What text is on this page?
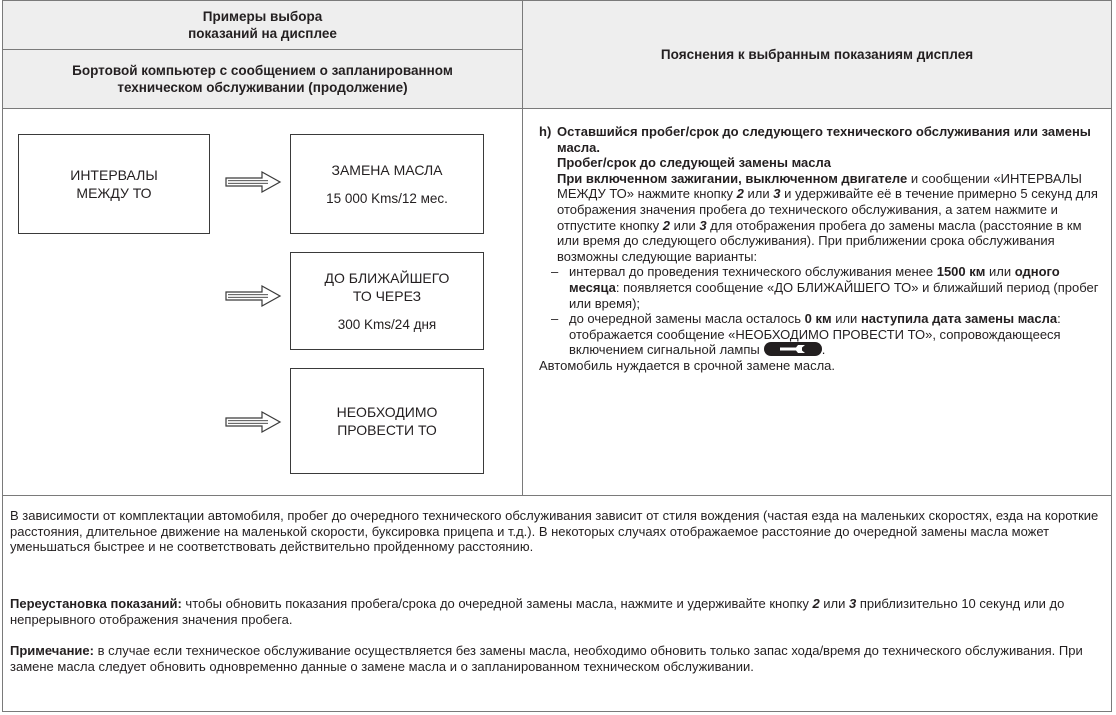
Примеры выбора
показаний на дисплее
Бортовой компьютер с сообщением о запланированном
техническом обслуживании (продолжение)
Пояснения к выбранным показаниям дисплея
ИНТЕРВАЛЫ
МЕЖДУ ТО
ЗАМЕНА МАСЛА
15 000 Kms/12 мес.
ДО БЛИЖАЙШЕГО
ТО ЧЕРЕЗ
300 Kms/24 дня
НЕОБХОДИМО
ПРОВЕСТИ ТО
h) Оставшийся пробег/срок до следующего технического обслуживания или замены масла.
Пробег/срок до следующей замены масла
При включенном зажигании, выключенном двигателе и сообщении «ИНТЕРВАЛЫ МЕЖДУ ТО» нажмите кнопку 2 или 3 и удерживайте её в течение примерно 5 секунд для отображения значения пробега до технического обслуживания, а затем нажмите и отпустите кнопку 2 или 3 для отображения пробега до замены масла (расстояние в км или время до следующего обслуживания). При приближении срока обслуживания возможны следующие варианты:
– интервал до проведения технического обслуживания менее 1500 км или одного месяца: появляется сообщение «ДО БЛИЖАЙШЕГО ТО» и ближайший период (пробег или время);
– до очередной замены масла осталось 0 км или наступила дата замены масла: отображается сообщение «НЕОБХОДИМО ПРОВЕСТИ ТО», сопровождающееся включением сигнальной лампы	.
Автомобиль нуждается в срочной замене масла.
В зависимости от комплектации автомобиля, пробег до очередного технического обслуживания зависит от стиля вождения (частая езда на маленьких скоростях, езда на короткие расстояния, длительное движение на маленькой скорости, буксировка прицепа и т.д.). В некоторых случаях отображаемое расстояние до очередной замены масла может уменьшаться быстрее и не соответствовать действительно пройденному расстоянию.
Переустановка показаний: чтобы обновить показания пробега/срока до очередной замены масла, нажмите и удерживайте кнопку 2 или 3 приблизительно 10 секунд или до непрерывного отображения значения пробега.
Примечание: в случае если техническое обслуживание осуществляется без замены масла, необходимо обновить только запас хода/время до технического обслуживания. При замене масла следует обновить одновременно данные о замене масла и о запланированном техническом обслуживании.
